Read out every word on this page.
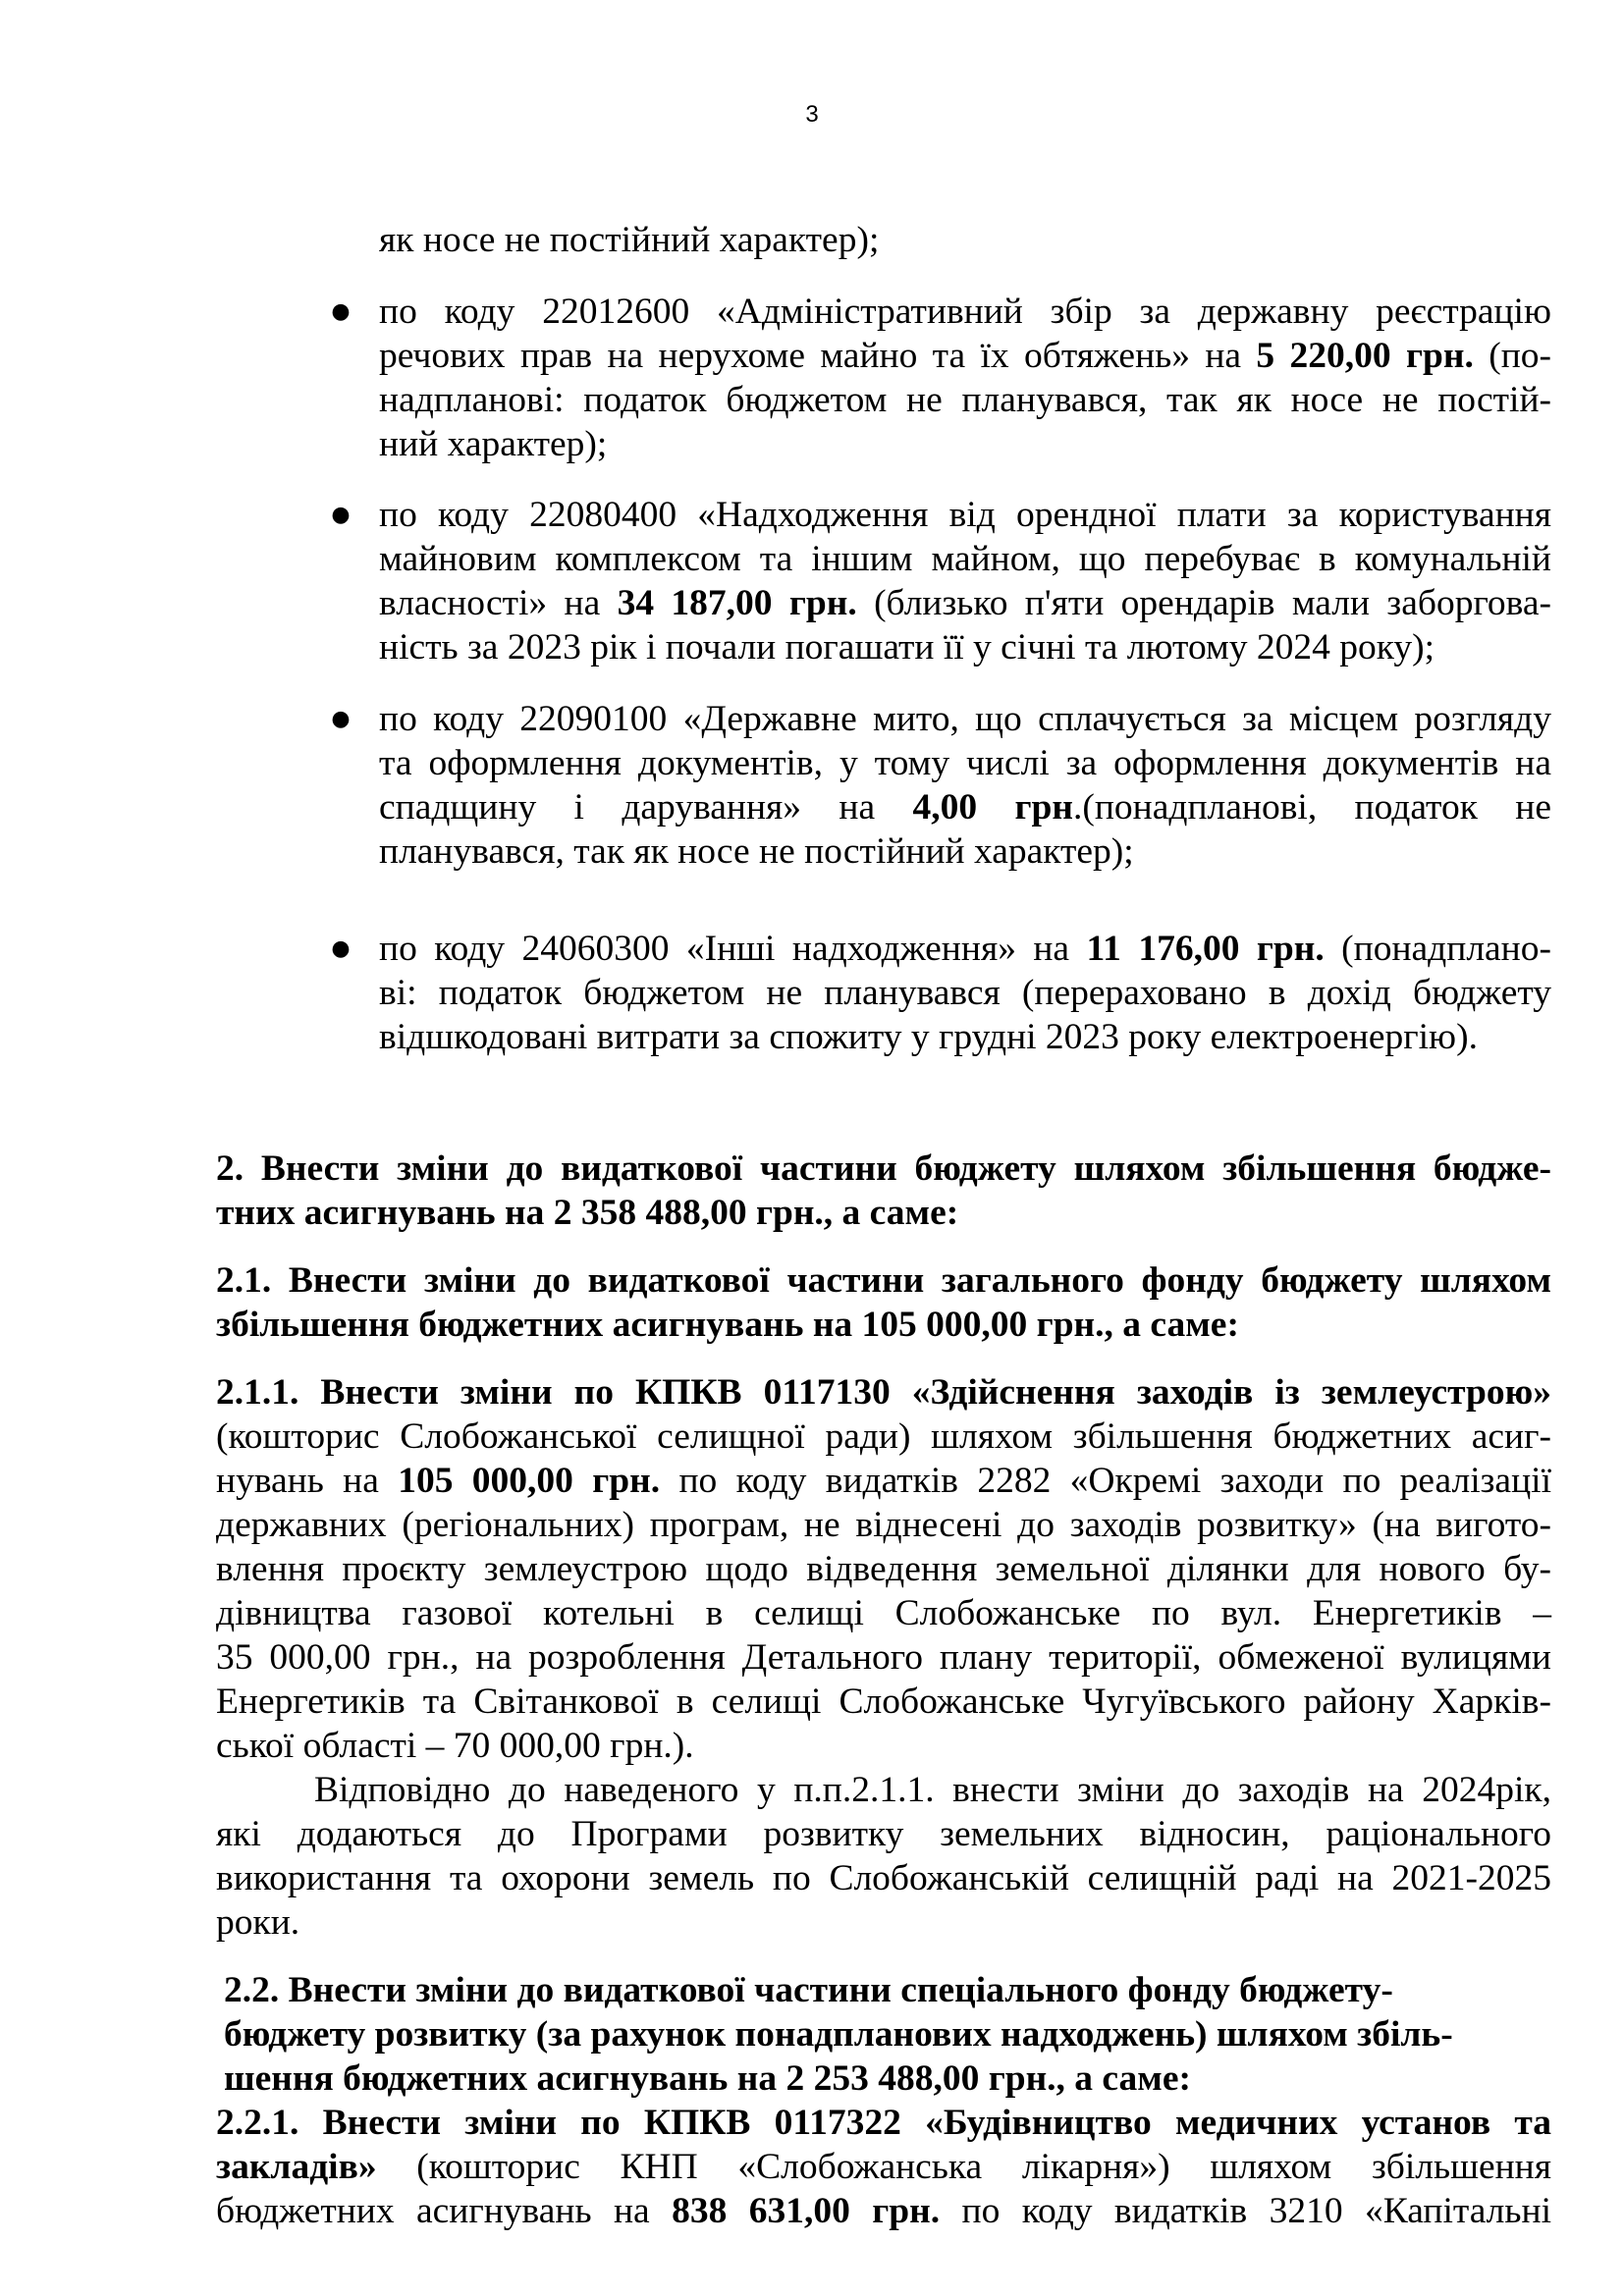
3
як носе не постійний характер);
● по коду 22012600 «Адміністративний збір за державну реєстрацію
речових прав на нерухоме майно та їх обтяжень» на 5 220,00 грн. (по-
надпланові: податок бюджетом не планувався, так як носе не постій-
ний характер);
● по коду 22080400 «Надходження від орендної плати за користування
майновим комплексом та іншим майном, що перебуває в комунальній
власності» на 34 187,00 грн. (близько п'яти орендарів мали заборгова-
ність за 2023 рік і почали погашати її у січні та лютому 2024 року);
● по коду 22090100 «Державне мито, що сплачується за місцем розгляду
та оформлення документів, у тому числі за оформлення документів на
спадщину і дарування» на 4,00 грн.(понадпланові, податок не
планувався, так як носе не постійний характер);
● по коду 24060300 «Інші надходження» на 11 176,00 грн. (понадплано-
ві: податок бюджетом не планувався (перераховано в дохід бюджету
відшкодовані витрати за спожиту у грудні 2023 року електроенергію).
2. Внести зміни до видаткової частини бюджету шляхом збільшення бюдже-
тних асигнувань на 2 358 488,00 грн., а саме:
2.1. Внести зміни до видаткової частини загального фонду бюджету шляхом
збільшення бюджетних асигнувань на 105 000,00 грн., а саме:
2.1.1. Внести зміни по КПКВ 0117130 «Здійснення заходів із землеустрою»
(кошторис Слобожанської селищної ради) шляхом збільшення бюджетних асиг-
нувань на 105 000,00 грн. по коду видатків 2282 «Окремі заходи по реалізації
державних (регіональних) програм, не віднесені до заходів розвитку» (на вигото-
влення проєкту землеустрою щодо відведення земельної ділянки для нового бу-
дівництва газової котельні в селищі Слобожанське по вул. Енергетиків –
35 000,00 грн., на розроблення Детального плану території, обмеженої вулицями
Енергетиків та Світанкової в селищі Слобожанське Чугуївського району Харків-
ської області – 70 000,00 грн.).
Відповідно до наведеного у п.п.2.1.1. внести зміни до заходів на 2024рік,
які додаються до Програми розвитку земельних відносин, раціонального
використання та охорони земель по Слобожанській селищній раді на 2021-2025
роки.
2.2. Внести зміни до видаткової частини спеціального фонду бюджету-
бюджету розвитку (за рахунок понадпланових надходжень) шляхом збіль-
шення бюджетних асигнувань на 2 253 488,00 грн., а саме:
2.2.1. Внести зміни по КПКВ 0117322 «Будівництво медичних установ та
закладів» (кошторис КНП «Слобожанська лікарня») шляхом збільшення
бюджетних асигнувань на 838 631,00 грн. по коду видатків 3210 «Капітальні
